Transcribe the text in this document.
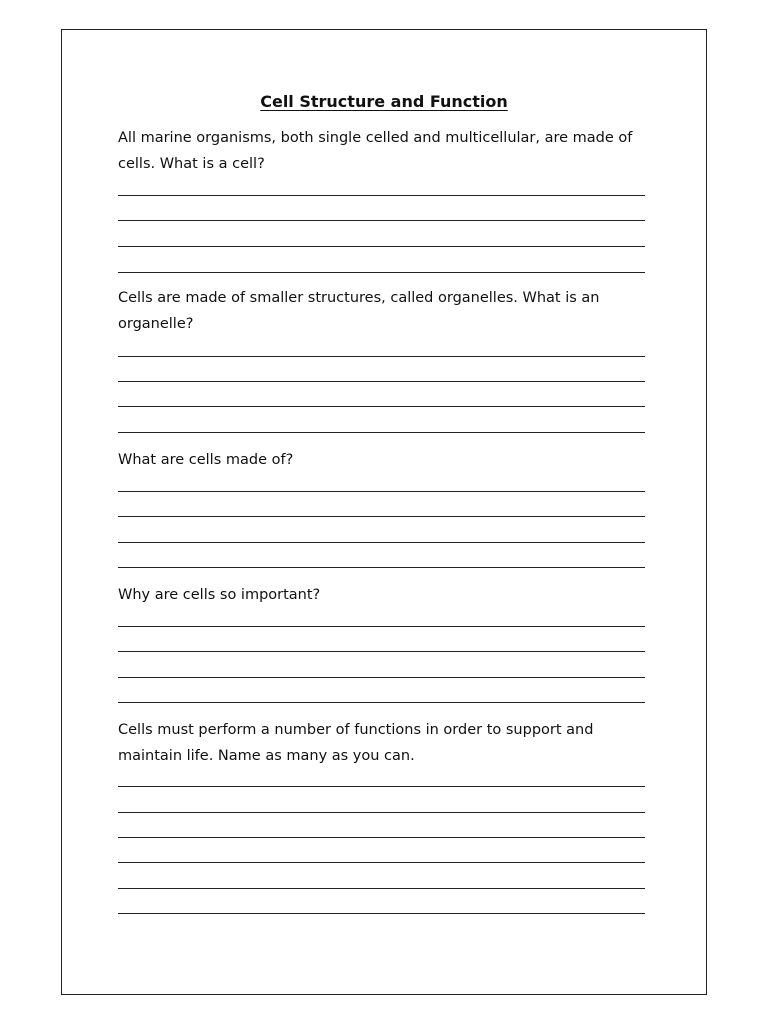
Cell Structure and Function

All marine organisms, both single celled and multicellular, are made of cells. What is a cell?

Cells are made of smaller structures, called organelles. What is an organelle?

What are cells made of?

Why are cells so important?

Cells must perform a number of functions in order to support and maintain life. Name as many as you can.
